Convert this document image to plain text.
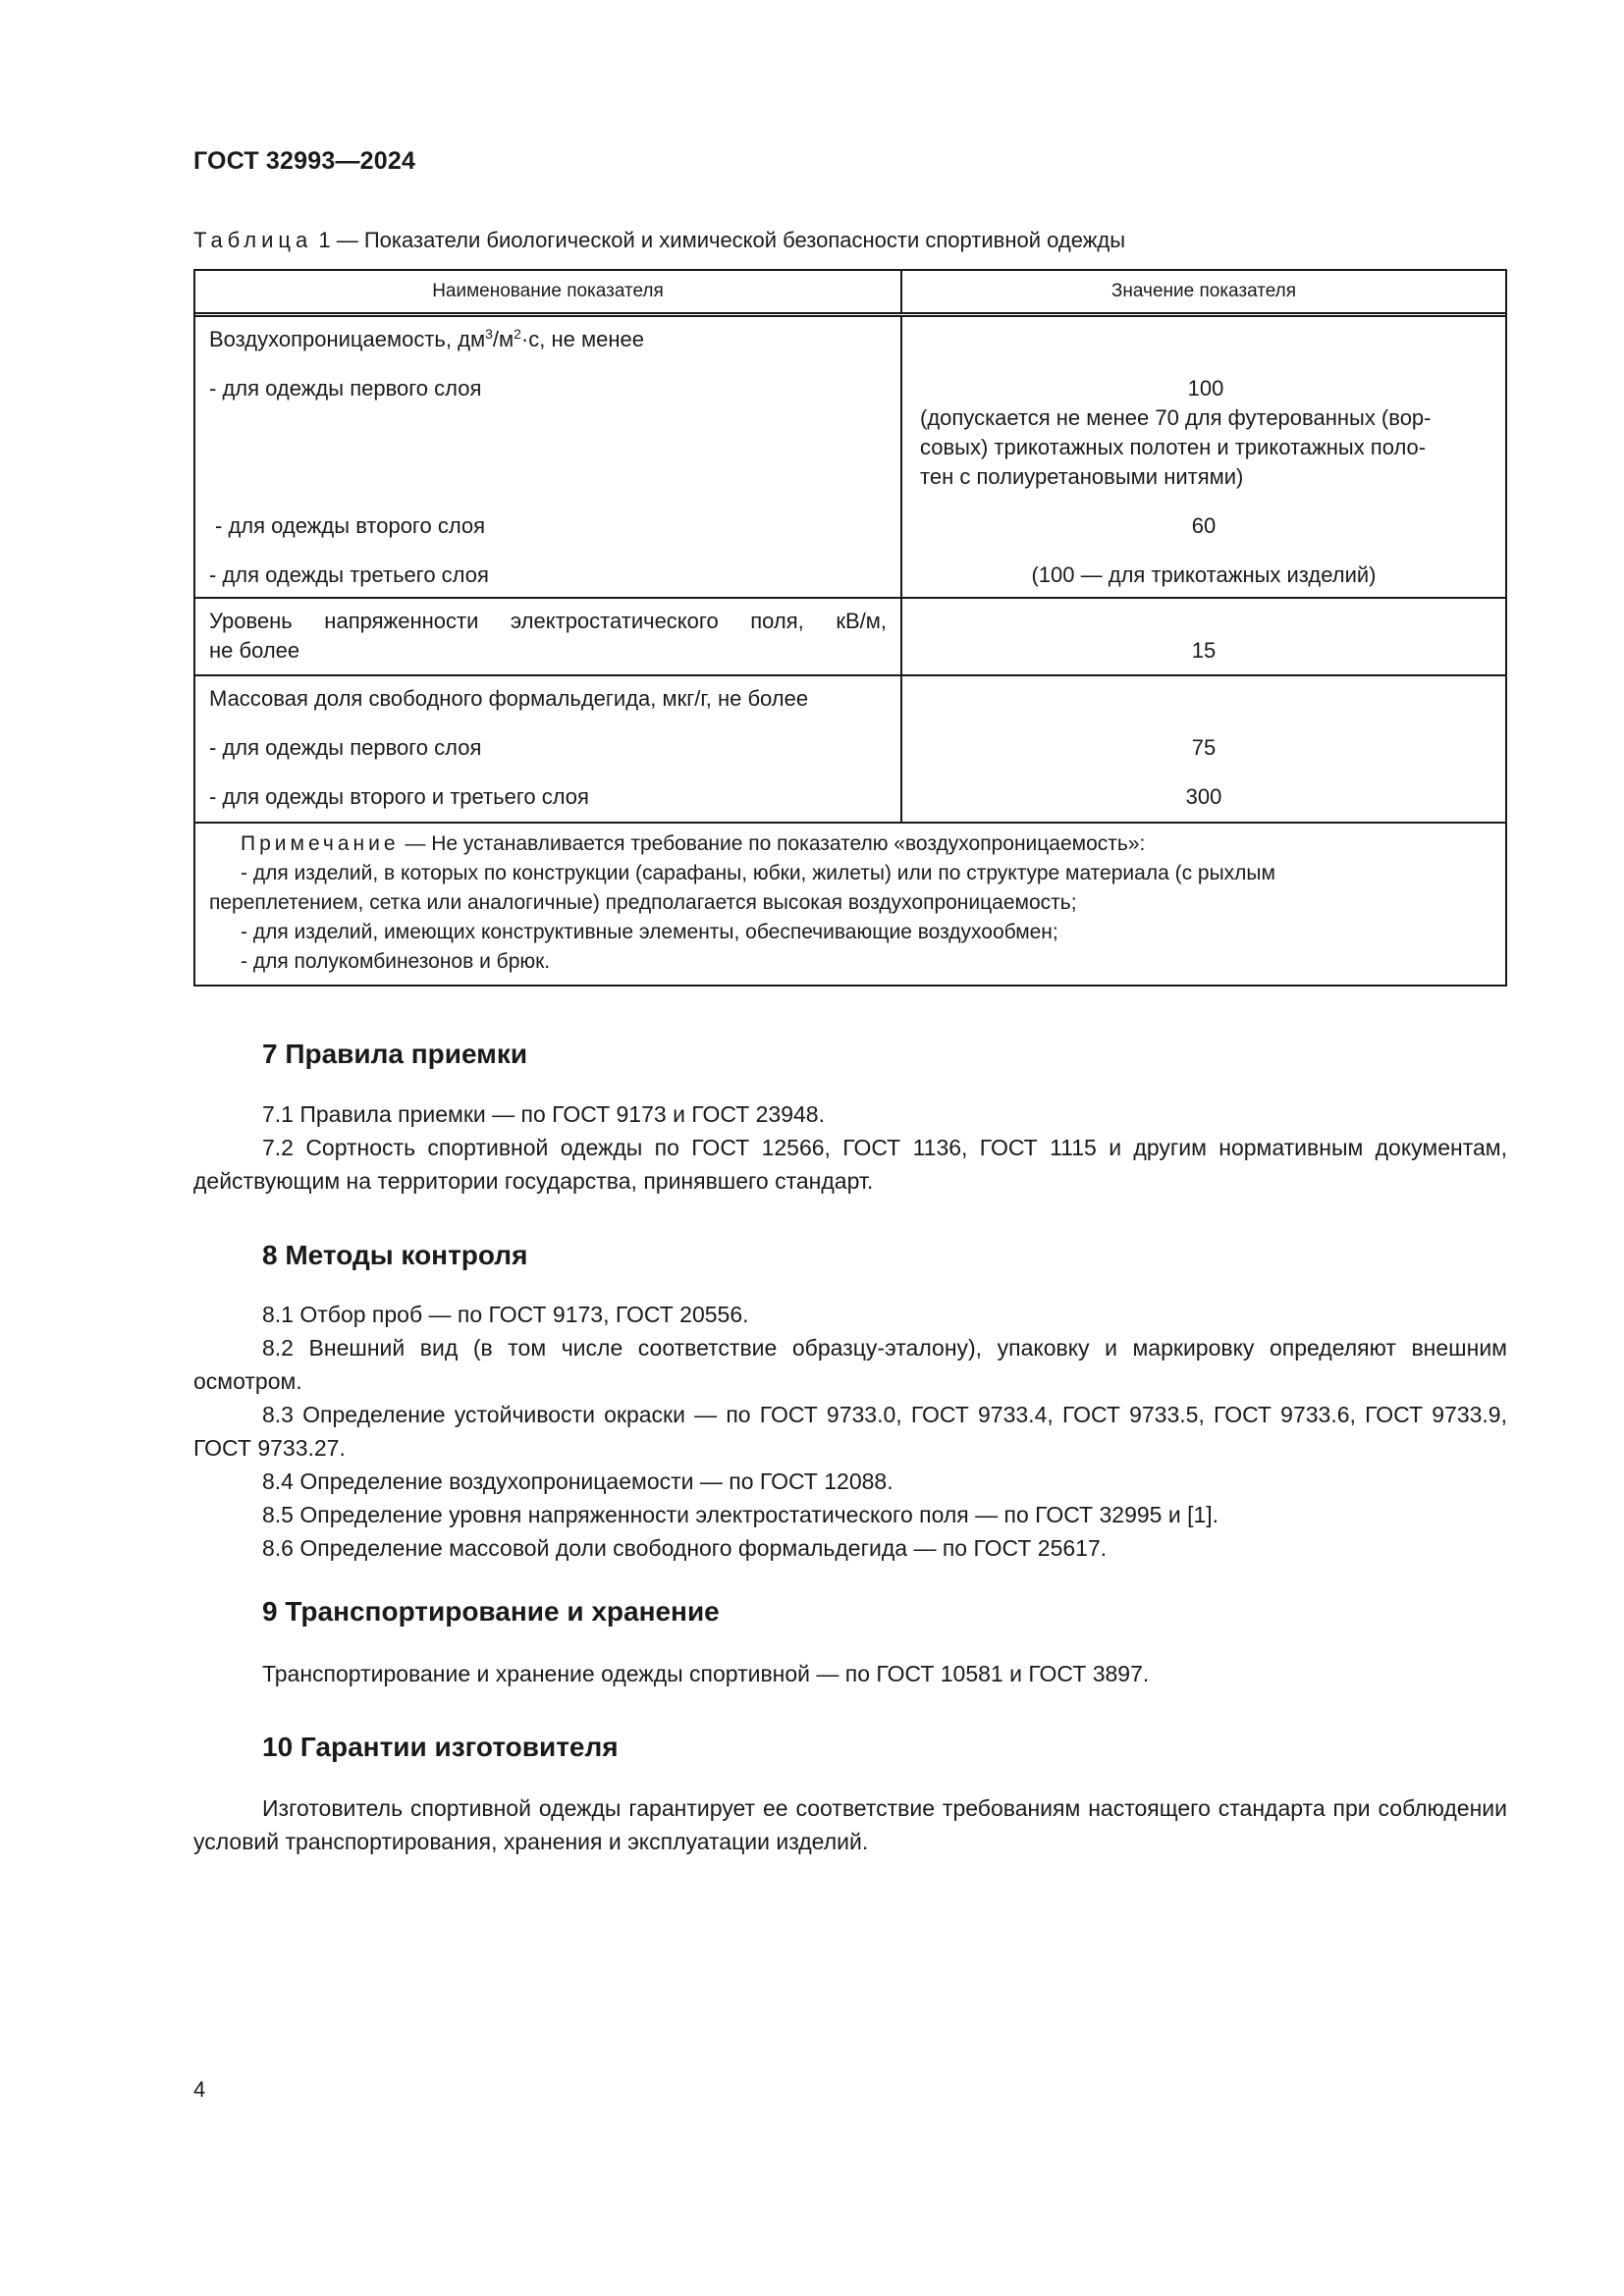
ГОСТ 32993—2024
Таблица 1 — Показатели биологической и химической безопасности спортивной одежды
Наименование показателя	Значение показателя
Воздухопроницаемость, $дм^3/м^2\cdot с$, не менее
- для одежды первого слоя
- для одежды второго слоя
- для одежды третьего слоя
100
(допускается не менее 70 для футерованных (вор-
совых) трикотажных полотен и трикотажных поло-
тен с полиуретановыми нитями)
60
(100 — для трикотажных изделий)
Уровень напряженности электростатического поля, кВ/м,
не более	15
Массовая доля свободного формальдегида, мкг/г, не более
- для одежды первого слоя
- для одежды второго и третьего слоя
75
300
Примечание — Не устанавливается требование по показателю «воздухопроницаемость»:
- для изделий, в которых по конструкции (сарафаны, юбки, жилеты) или по структуре материала (с рыхлым
переплетением, сетка или аналогичные) предполагается высокая воздухопроницаемость;
- для изделий, имеющих конструктивные элементы, обеспечивающие воздухообмен;
- для полукомбинезонов и брюк.
7 Правила приемки
7.1 Правила приемки — по ГОСТ 9173 и ГОСТ 23948.
7.2 Сортность спортивной одежды по ГОСТ 12566, ГОСТ 1136, ГОСТ 1115 и другим нормативным документам, действующим на территории государства, принявшего стандарт.
8 Методы контроля
8.1 Отбор проб — по ГОСТ 9173, ГОСТ 20556.
8.2 Внешний вид (в том числе соответствие образцу-эталону), упаковку и маркировку определяют внешним осмотром.
8.3 Определение устойчивости окраски — по ГОСТ 9733.0, ГОСТ 9733.4, ГОСТ 9733.5, ГОСТ 9733.6, ГОСТ 9733.9, ГОСТ 9733.27.
8.4 Определение воздухопроницаемости — по ГОСТ 12088.
8.5 Определение уровня напряженности электростатического поля — по ГОСТ 32995 и [1].
8.6 Определение массовой доли свободного формальдегида — по ГОСТ 25617.
9 Транспортирование и хранение
Транспортирование и хранение одежды спортивной — по ГОСТ 10581 и ГОСТ 3897.
10 Гарантии изготовителя
Изготовитель спортивной одежды гарантирует ее соответствие требованиям настоящего стандарта при соблюдении условий транспортирования, хранения и эксплуатации изделий.
4
